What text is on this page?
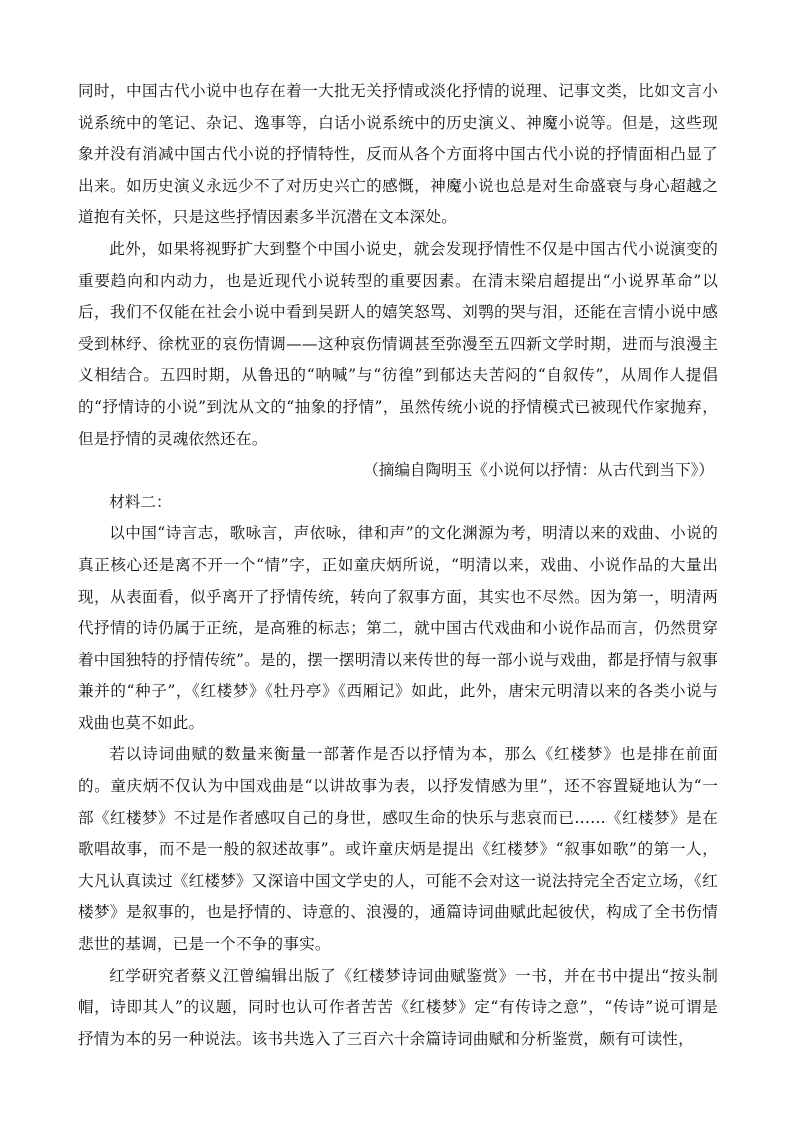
同时，中国古代小说中也存在着一大批无关抒情或淡化抒情的说理、记事文类，比如文言小说系统中的笔记、杂记、逸事等，白话小说系统中的历史演义、神魔小说等。但是，这些现象并没有消减中国古代小说的抒情特性，反而从各个方面将中国古代小说的抒情面相凸显了出来。如历史演义永远少不了对历史兴亡的感慨，神魔小说也总是对生命盛衰与身心超越之道抱有关怀，只是这些抒情因素多半沉潜在文本深处。

此外，如果将视野扩大到整个中国小说史，就会发现抒情性不仅是中国古代小说演变的重要趋向和内动力，也是近现代小说转型的重要因素。在清末梁启超提出“小说界革命”以后，我们不仅能在社会小说中看到吴趼人的嬉笑怒骂、刘鹗的哭与泪，还能在言情小说中感受到林纾、徐枕亚的哀伤情调——这种哀伤情调甚至弥漫至五四新文学时期，进而与浪漫主义相结合。五四时期，从鲁迅的“呐喊”与“彷徨”到郁达夫苦闷的“自叙传”，从周作人提倡的“抒情诗的小说”到沈从文的“抽象的抒情”，虽然传统小说的抒情模式已被现代作家抛弃，但是抒情的灵魂依然还在。

（摘编自陶明玉《小说何以抒情：从古代到当下》）

材料二：

以中国“诗言志，歌咏言，声依咏，律和声”的文化渊源为考，明清以来的戏曲、小说的真正核心还是离不开一个“情”字，正如童庆炳所说，“明清以来，戏曲、小说作品的大量出现，从表面看，似乎离开了抒情传统，转向了叙事方面，其实也不尽然。因为第一，明清两代抒情的诗仍属于正统，是高雅的标志；第二，就中国古代戏曲和小说作品而言，仍然贯穿着中国独特的抒情传统”。是的，摆一摆明清以来传世的每一部小说与戏曲，都是抒情与叙事兼并的“种子”，《红楼梦》《牡丹亭》《西厢记》如此，此外，唐宋元明清以来的各类小说与戏曲也莫不如此。

若以诗词曲赋的数量来衡量一部著作是否以抒情为本，那么《红楼梦》也是排在前面的。童庆炳不仅认为中国戏曲是“以讲故事为表，以抒发情感为里”，还不容置疑地认为“一部《红楼梦》不过是作者感叹自己的身世，感叹生命的快乐与悲哀而已……《红楼梦》是在歌唱故事，而不是一般的叙述故事”。或许童庆炳是提出《红楼梦》“叙事如歌”的第一人，大凡认真读过《红楼梦》又深谙中国文学史的人，可能不会对这一说法持完全否定立场，《红楼梦》是叙事的，也是抒情的、诗意的、浪漫的，通篇诗词曲赋此起彼伏，构成了全书伤情悲世的基调，已是一个不争的事实。

红学研究者蔡义江曾编辑出版了《红楼梦诗词曲赋鉴赏》一书，并在书中提出“按头制帽，诗即其人”的议题，同时也认可作者苦苦《红楼梦》定“有传诗之意”，“传诗”说可谓是抒情为本的另一种说法。该书共选入了三百六十余篇诗词曲赋和分析鉴赏，颇有可读性，
